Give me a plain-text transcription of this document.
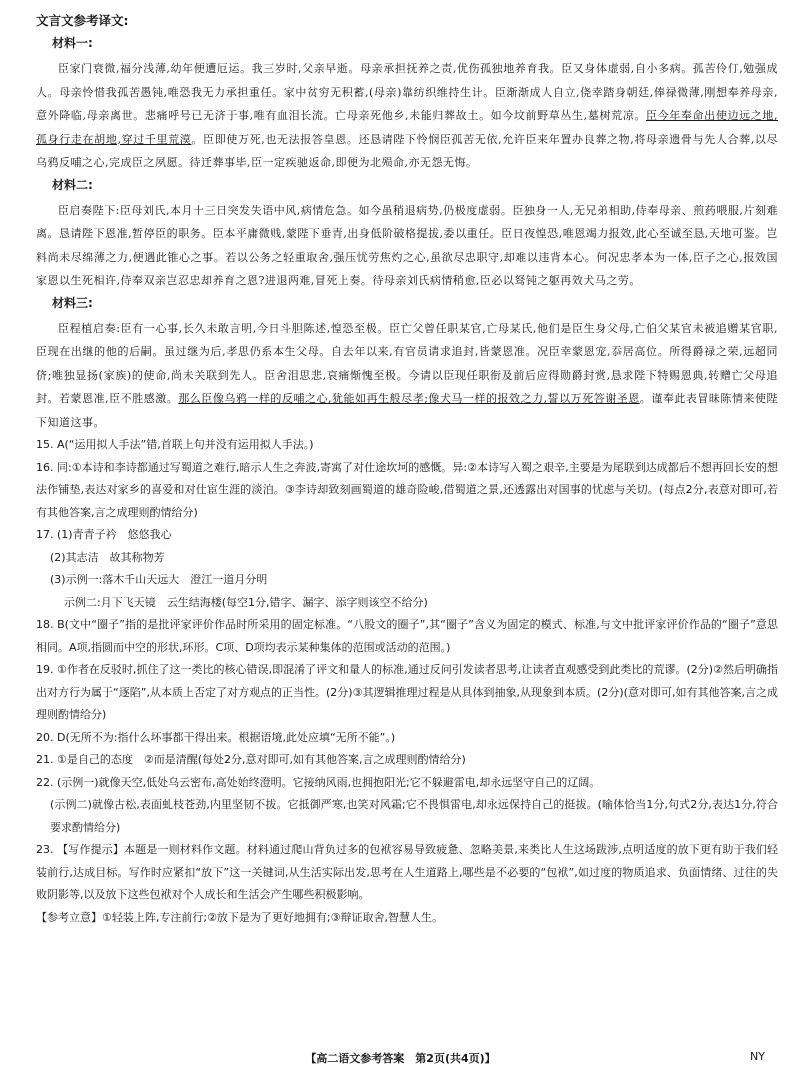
文言文参考译文:
材料一:

臣家门衰微,福分浅薄,幼年便遭厄运。我三岁时,父亲早逝。母亲承担抚养之责,优伤孤独地养育我。臣又身体虚弱,自小多病。孤苦伶仃,勉强成人。母亲怜惜我孤苦愚钝,唯恐我无力承担重任。家中贫穷无积蓄,(母亲)靠纺织维持生计。臣渐渐成人自立,侥幸踏身朝廷,俸禄微薄,刚想奉养母亲,意外降临,母亲离世。悲痛呼号已无济于事,唯有血泪长流。亡母亲死他乡,未能归葬故土。如今坟前野草丛生,墓树荒凉。臣今年奉命出使边远之地,孤身行走在胡地,穿过千里荒漠。臣即使万死,也无法报答皇恩。还恳请陛下怜悯臣孤苦无依,允许臣来年置办良葬之物,将母亲遗骨与先人合葬,以尽乌鸦反哺之心,完成臣之夙愿。待迁葬事毕,臣一定疾驰返命,即便为北殒命,亦无怨无悔。

材料二:

臣启奏陛下:臣母刘氏,本月十三日突发失语中风,病情危急。如今虽稍退病势,仍极度虚弱。臣独身一人,无兄弟相助,侍奉母亲、煎药喂服,片刻难离。恳请陛下恩准,暂停臣的职务。臣本平庸微贱,蒙陛下垂青,出身低阶破格提拔,委以重任。臣日夜惶恐,唯恩竭力报效,此心至诚至恳,天地可鉴。岂料尚未尽绵薄之力,便遇此锥心之事。若以公务之轻重取舍,强压忧劳焦灼之心,虽欲尽忠职守,却难以违背本心。何况忠孝本为一体,臣子之心,报效国家恩以生死相许,侍奉双亲岂忍忠却养育之恩?进退两难,冒死上奏。待母亲刘氏病情稍愈,臣必以驽钝之躯再效犬马之劳。

材料三:

臣程植启奏:臣有一心事,长久未敢言明,今日斗胆陈述,惶恐至极。臣亡父曾任职某官,亡母某氏,他们是臣生身父母,亡伯父某官未被追赠某官职,臣现在出继的他的后嗣。虽过继为后,孝思仍系本生父母。自去年以来,有官员请求追封,皆蒙恩准。况臣幸蒙恩宠,忝居高位。所得爵禄之荣,远超同侪;唯独显扬(家族)的使命,尚未关联到先人。臣舍泪思悲,哀痛惭愧至极。今请以臣现任职衔及前后应得勋爵封赏,恳求陛下特赐恩典,转赠亡父母追封。若蒙恩准,臣不胜感激。那么臣像乌鸦一样的反哺之心,犹能如再生般尽孝;像犬马一样的报效之力,誓以万死答谢圣恩。谨奉此表冒昧陈情来使陛下知道这事。

15. A(“运用拟人手法”错,首联上句并没有运用拟人手法。)

16. 同:①本诗和李诗都通过写蜀道之难行,暗示人生之奔波,寄寓了对仕途坎坷的感慨。异:②本诗写入蜀之艰辛,主要是为尾联到达成都后不想再回长安的想法作铺垫,表达对家乡的喜爱和对仕宦生涯的淡泊。③李诗却致刻画蜀道的雄奇险峻,借蜀道之景,还透露出对国事的忧虑与关切。(每点2分,表意对即可,若有其他答案,言之成理则酌情给分)

17. (1)青青子衿　悠悠我心

(2)其志洁　故其称物芳

(3)示例一:落木千山天远大　澄江一道月分明

示例二:月下飞天镜　云生结海楼(每空1分,错字、漏字、添字则该空不给分)

18. B(文中“圈子”指的是批评家评价作品时所采用的固定标准。“八股文的圈子”,其“圈子”含义为固定的模式、标准,与文中批评家评价作品的“圈子”意思相同。A项,指圆而中空的形状,环形。C项、D项均表示某种集体的范围或活动的范围。)

19. ①作者在反驳时,抓住了这一类比的核心错误,即混淆了评文和量人的标准,通过反问引发读者思考,让读者直观感受到此类比的荒谬。(2分)②然后明确指出对方行为属于“逐陷”,从本质上否定了对方观点的正当性。(2分)③其逻辑推理过程是从具体到抽象,从现象到本质。(2分)(意对即可,如有其他答案,言之成理则酌情给分)

20. D(无所不为:指什么坏事都干得出来。根据语境,此处应填“无所不能”。)

21. ①是自己的态度　②而是清醒(每处2分,意对即可,如有其他答案,言之成理则酌情给分)

22. (示例一)就像天空,低处乌云密布,高处始终澄明。它接纳风雨,也拥抱阳光;它不躲避雷电,却永远坚守自己的辽阔。

(示例二)就像古松,表面虬枝苍劲,内里坚韧不拔。它抵御严寒,也笑对风霜;它不畏惧雷电,却永远保持自己的挺拔。(喻体恰当1分,句式2分,表达1分,符合要求酌情给分)

23. 【写作提示】本题是一则材料作文题。材料通过爬山背负过多的包袱容易导致疲惫、忽略美景,来类比人生这场跋涉,点明适度的放下更有助于我们轻装前行,达成目标。写作时应紧扣“放下”这一关键词,从生活实际出发,思考在人生道路上,哪些是不必要的“包袱”,如过度的物质追求、负面情绪、过往的失败阴影等,以及放下这些包袱对个人成长和生活会产生哪些积极影响。

【参考立意】①轻装上阵,专注前行;②放下是为了更好地拥有;③辩证取舍,智慧人生。

【高二语文参考答案　第2页(共4页)】	NY
